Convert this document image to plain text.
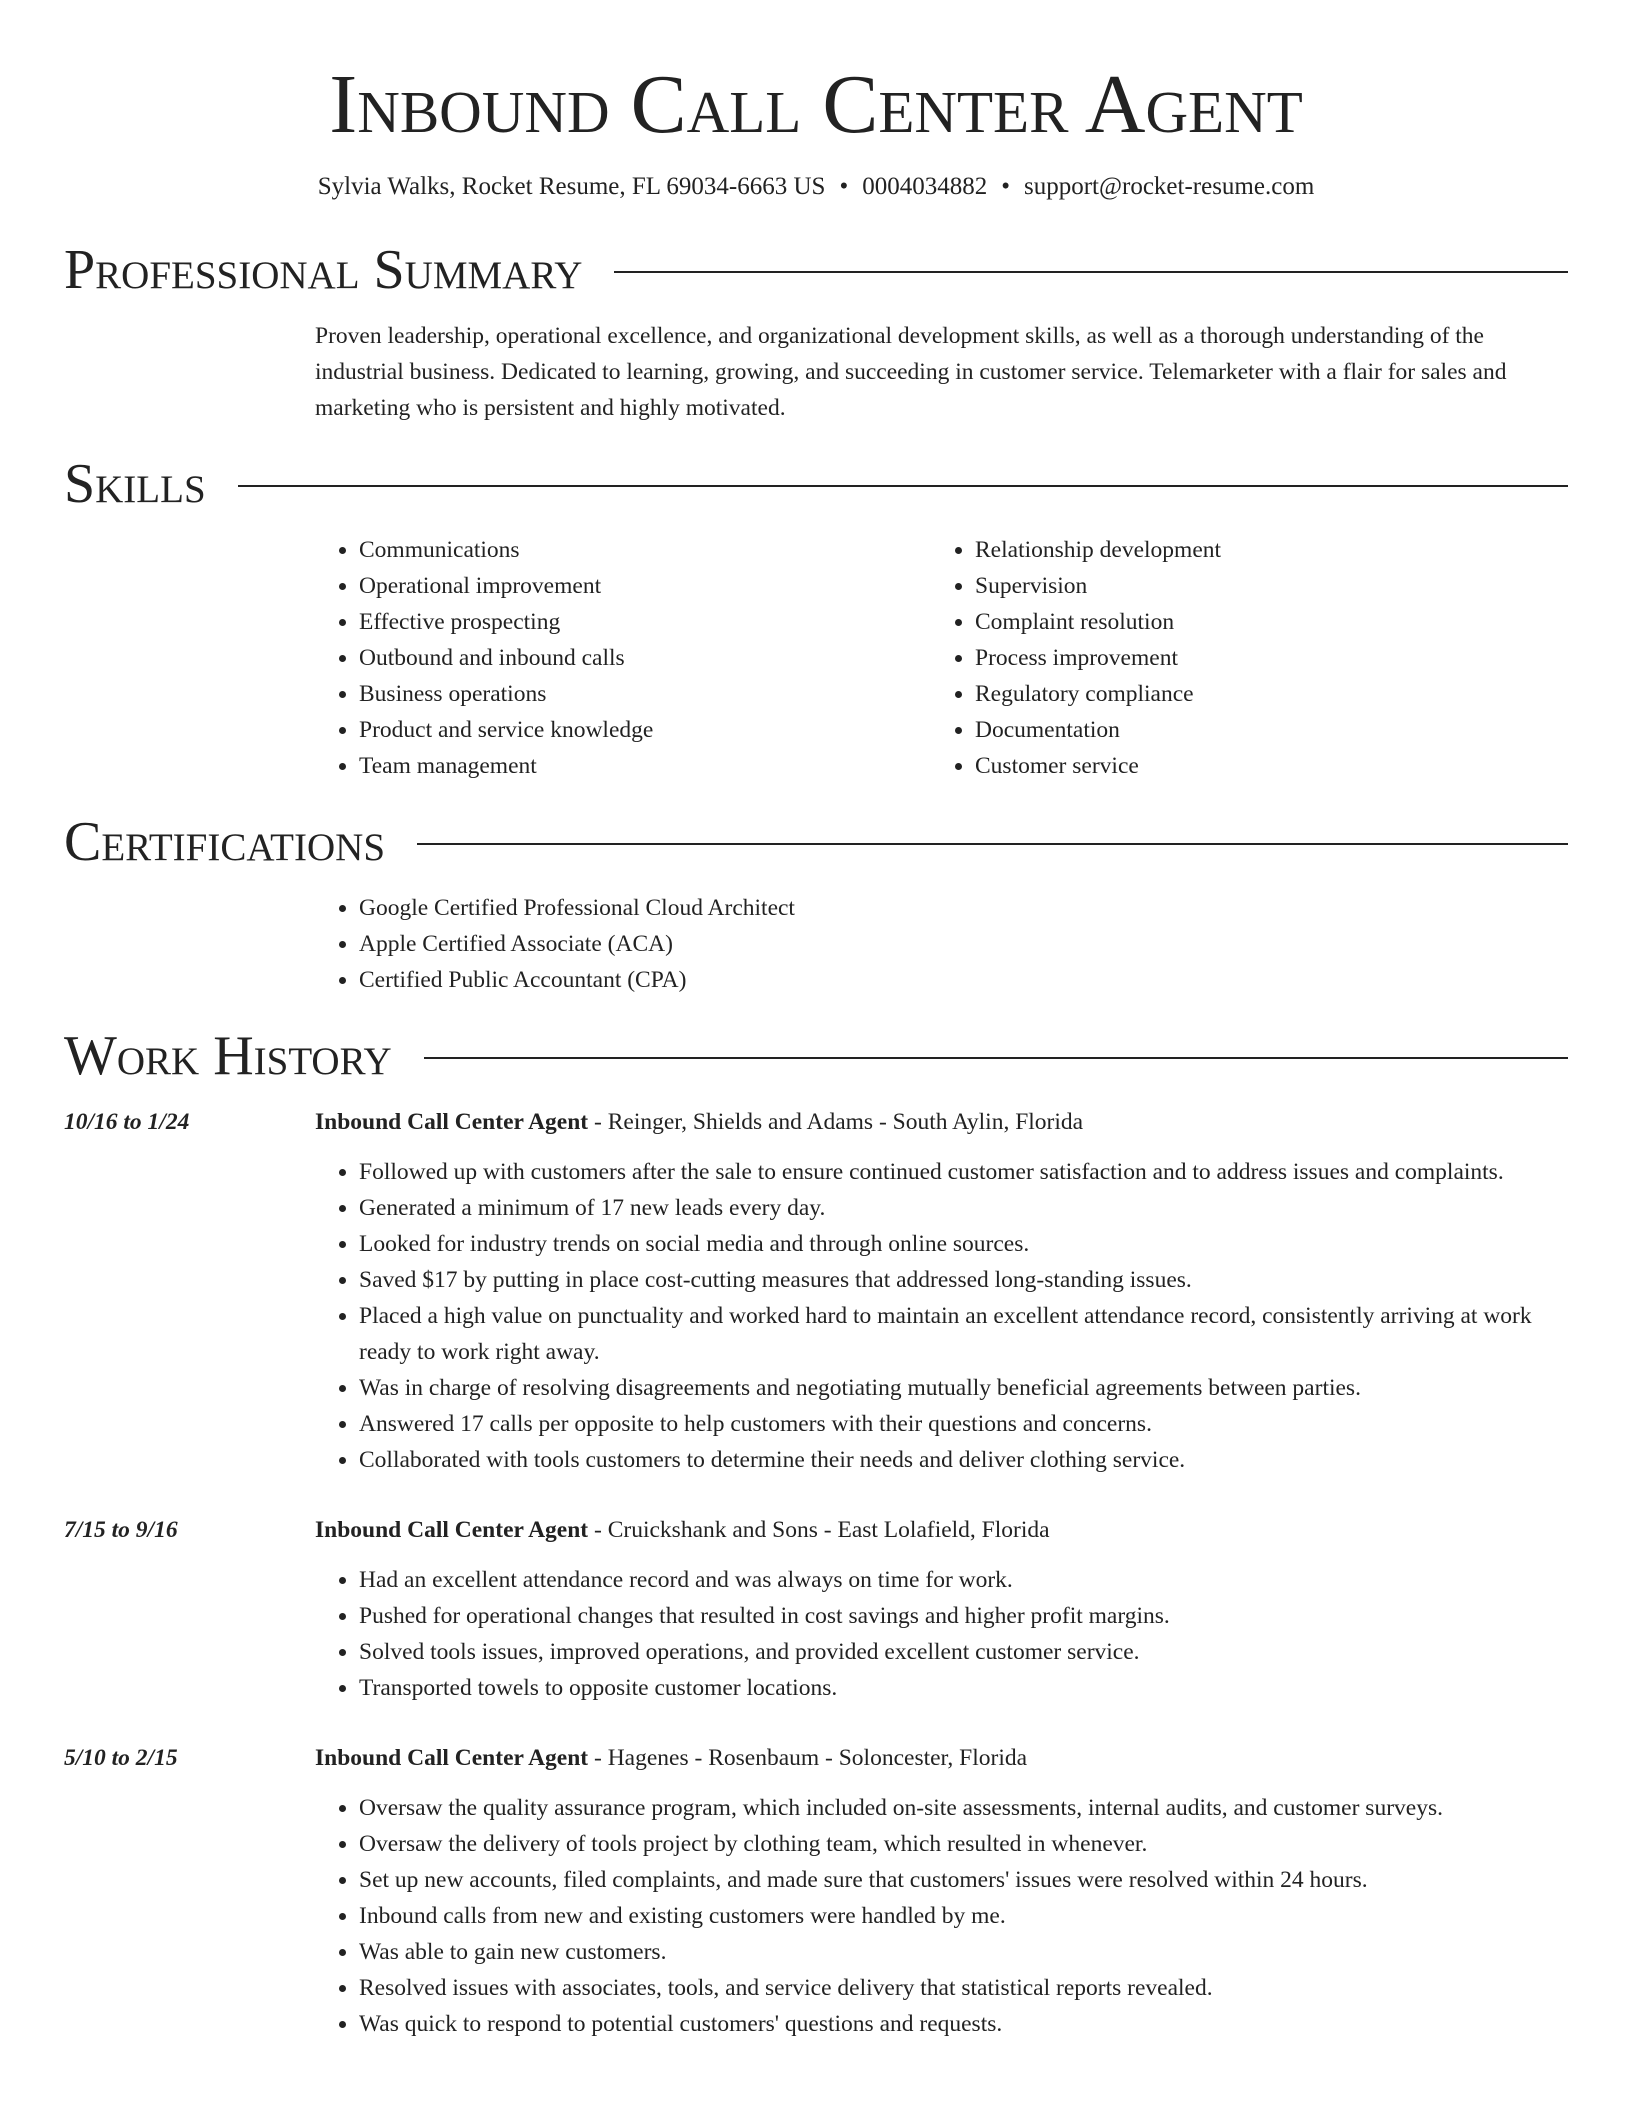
Inbound Call Center Agent
Sylvia Walks, Rocket Resume, FL 69034-6663 US • 0004034882 • support@rocket-resume.com
Professional Summary
Proven leadership, operational excellence, and organizational development skills, as well as a thorough understanding of the industrial business. Dedicated to learning, growing, and succeeding in customer service. Telemarketer with a flair for sales and marketing who is persistent and highly motivated.
Skills
• Communications
• Operational improvement
• Effective prospecting
• Outbound and inbound calls
• Business operations
• Product and service knowledge
• Team management
• Relationship development
• Supervision
• Complaint resolution
• Process improvement
• Regulatory compliance
• Documentation
• Customer service
Certifications
• Google Certified Professional Cloud Architect
• Apple Certified Associate (ACA)
• Certified Public Accountant (CPA)
Work History
10/16 to 1/24	Inbound Call Center Agent - Reinger, Shields and Adams - South Aylin, Florida
• Followed up with customers after the sale to ensure continued customer satisfaction and to address issues and complaints.
• Generated a minimum of 17 new leads every day.
• Looked for industry trends on social media and through online sources.
• Saved $17 by putting in place cost-cutting measures that addressed long-standing issues.
• Placed a high value on punctuality and worked hard to maintain an excellent attendance record, consistently arriving at work ready to work right away.
• Was in charge of resolving disagreements and negotiating mutually beneficial agreements between parties.
• Answered 17 calls per opposite to help customers with their questions and concerns.
• Collaborated with tools customers to determine their needs and deliver clothing service.
7/15 to 9/16	Inbound Call Center Agent - Cruickshank and Sons - East Lolafield, Florida
• Had an excellent attendance record and was always on time for work.
• Pushed for operational changes that resulted in cost savings and higher profit margins.
• Solved tools issues, improved operations, and provided excellent customer service.
• Transported towels to opposite customer locations.
5/10 to 2/15	Inbound Call Center Agent - Hagenes - Rosenbaum - Soloncester, Florida
• Oversaw the quality assurance program, which included on-site assessments, internal audits, and customer surveys.
• Oversaw the delivery of tools project by clothing team, which resulted in whenever.
• Set up new accounts, filed complaints, and made sure that customers' issues were resolved within 24 hours.
• Inbound calls from new and existing customers were handled by me.
• Was able to gain new customers.
• Resolved issues with associates, tools, and service delivery that statistical reports revealed.
• Was quick to respond to potential customers' questions and requests.
